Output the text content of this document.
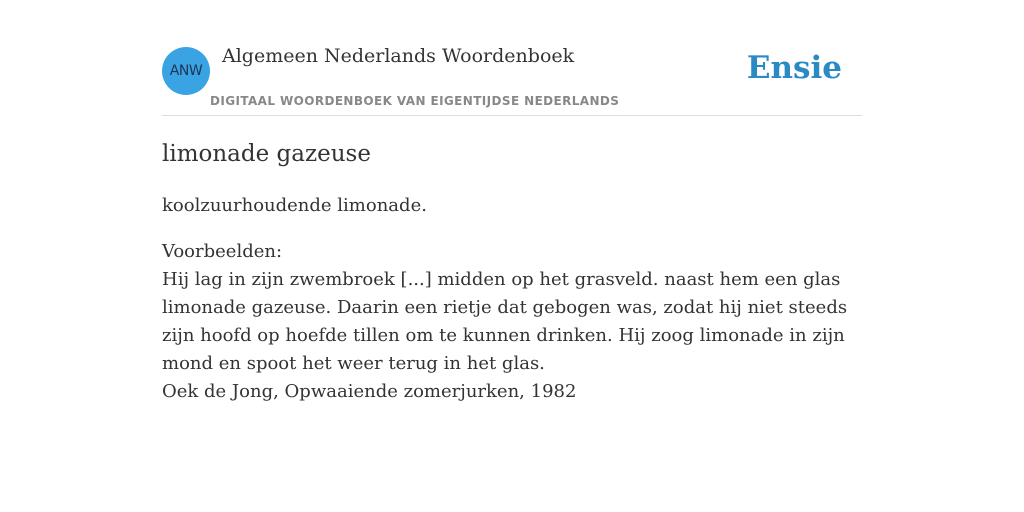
ANW
Algemeen Nederlands Woordenboek
DIGITAAL WOORDENBOEK VAN EIGENTIJDSE NEDERLANDS
Ensie
limonade gazeuse

koolzuurhoudende limonade.

Voorbeelden:
Hij lag in zijn zwembroek [...] midden op het grasveld. naast hem een glas limonade gazeuse. Daarin een rietje dat gebogen was, zodat hij niet steeds zijn hoofd op hoefde tillen om te kunnen drinken. Hij zoog limonade in zijn mond en spoot het weer terug in het glas.
Oek de Jong, Opwaaiende zomerjurken, 1982
